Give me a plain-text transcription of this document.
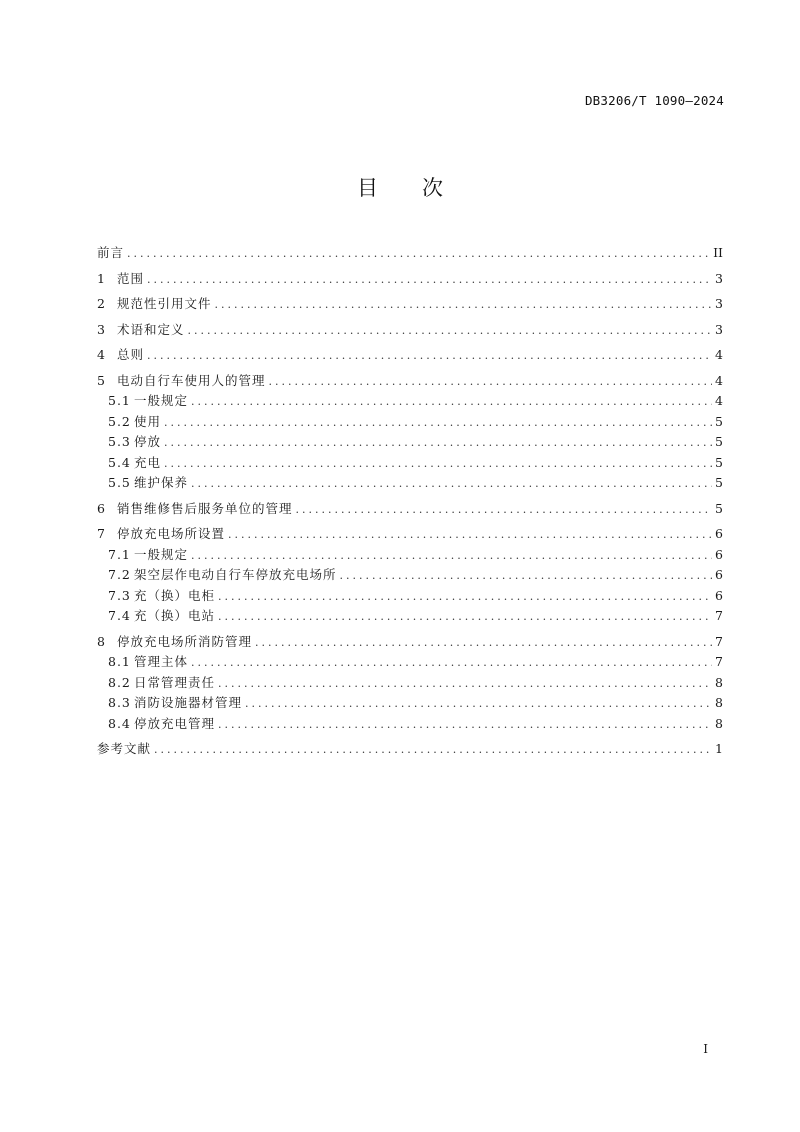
DB3206/T 1090—2024
目 次
前言 . . .	II
1 范围 . . .	3
2 规范性引用文件 . . .	3
3 术语和定义 . . .	3
4 总则 . . .	4
5 电动自行车使用人的管理 . . .	4
5.1 一般规定 . . .	4
5.2 使用 . . .	5
5.3 停放 . . .	5
5.4 充电 . . .	5
5.5 维护保养 . . .	5
6 销售维修售后服务单位的管理 . . .	5
7 停放充电场所设置 . . .	6
7.1 一般规定 . . .	6
7.2 架空层作电动自行车停放充电场所 . . .	6
7.3 充（换）电柜 . . .	6
7.4 充（换）电站 . . .	7
8 停放充电场所消防管理 . . .	7
8.1 管理主体 . . .	7
8.2 日常管理责任 . . .	8
8.3 消防设施器材管理 . . .	8
8.4 停放充电管理 . . .	8
参考文献 . . .	1
I
